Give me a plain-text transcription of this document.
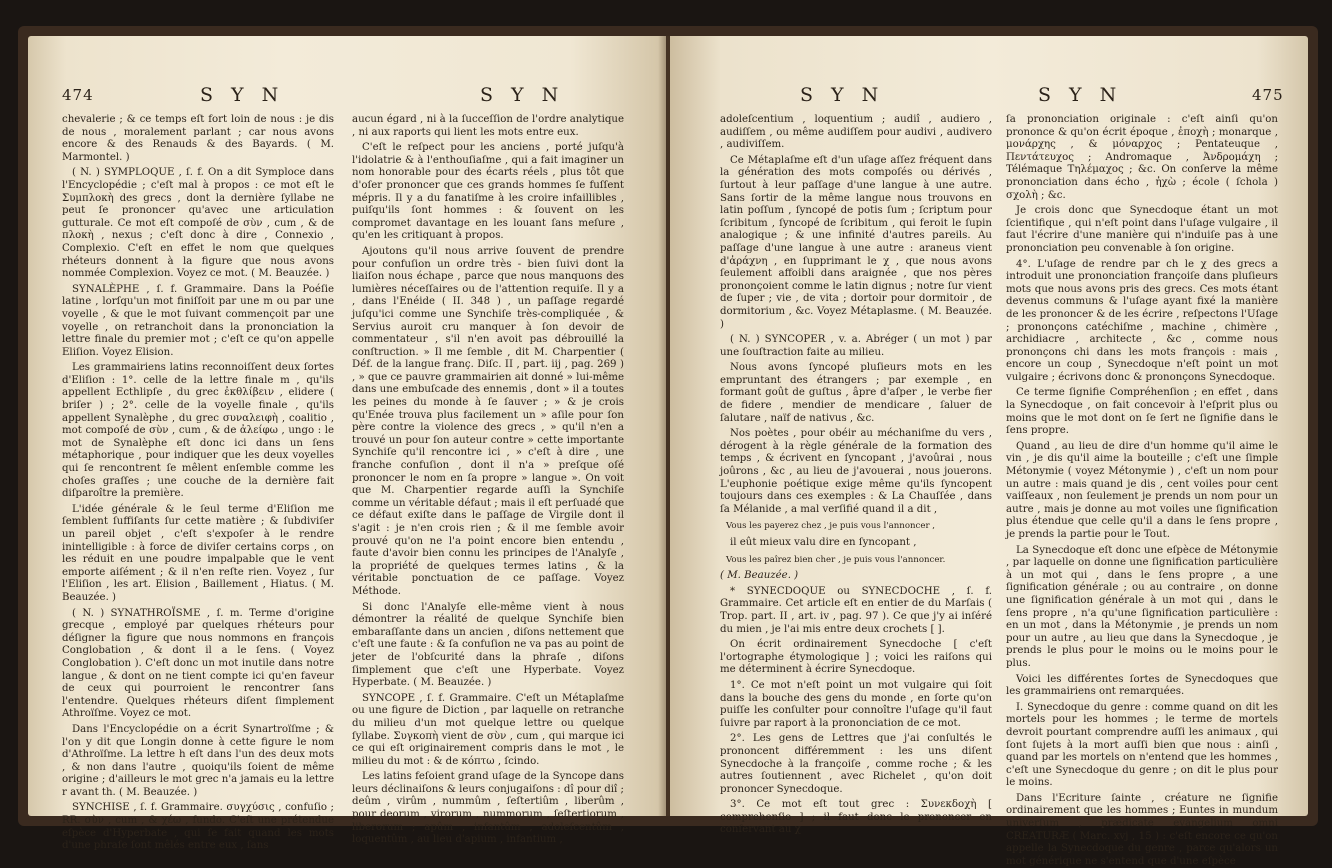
474	S Y N	S Y N

chevalerie ; & ce temps eſt fort loin de nous : je dis de nous , moralement parlant ; car nous avons encore & des Renauds & des Bayards. ( M. Marmontel. )

( N. ) SYMPLOQUE , ſ. f. On a dit Symploce dans l'Encyclopédie ; c'eſt mal à propos : ce mot eſt le Συμπλοκὴ des grecs , dont la dernière ſyllabe ne peut ſe prononcer qu'avec une articulation gutturale. Ce mot eſt compoſé de σὺν , cum , & de πλοκὴ , nexus ; c'eſt donc à dire , Connexio , Complexio. C'eſt en effet le nom que quelques rhéteurs donnent à la figure que nous avons nommée Complexion. Voyez ce mot. ( M. Beauzée. )

SYNALÈPHE , ſ. f. Grammaire. Dans la Poéſie latine , lorſqu'un mot finiſſoit par une m ou par une voyelle , & que le mot ſuivant commençoit par une voyelle , on retranchoit dans la prononciation la lettre finale du premier mot ; c'eſt ce qu'on appelle Eliſion. Voyez Elision.

Les grammairiens latins reconnoiſſent deux ſortes d'Eliſion : 1°. celle de la lettre finale m , qu'ils appellent Ecthlipſe , du grec ἐκθλίβειν , elidere ( briſer ) ; 2°. celle de la voyelle finale , qu'ils appellent Synalèphe , du grec συναλειφὴ , coalitio , mot compoſé de σὺν , cum , & de ἀλείφω , ungo : le mot de Synalèphe eſt donc ici dans un ſens métaphorique , pour indiquer que les deux voyelles qui ſe rencontrent ſe mêlent enſemble comme les choſes graſſes ; une couche de la dernière fait diſparoître la première.

L'idée générale & le ſeul terme d'Eliſion me ſemblent ſuffiſants ſur cette matière ; & ſubdiviſer un pareil objet , c'eſt s'expoſer à le rendre inintelligible : à force de diviſer certains corps , on les réduit en une poudre impalpable que le vent emporte aiſément ; & il n'en reſte rien. Voyez , ſur l'Eliſion , les art. Elision , Baillement , Hiatus. ( M. Beauzée. )

( N. ) SYNATHROÏSME , ſ. m. Terme d'origine grecque , employé par quelques rhéteurs pour déſigner la figure que nous nommons en françois Conglobation , & dont il a le ſens. ( Voyez Conglobation ). C'eſt donc un mot inutile dans notre langue , & dont on ne tient compte ici qu'en faveur de ceux qui pourroient le rencontrer ſans l'entendre. Quelques rhéteurs diſent ſimplement Athroïſme. Voyez ce mot.

Dans l'Encyclopédie on a écrit Synartroïſme ; & l'on y dit que Longin donne à cette figure le nom d'Athroïſme. La lettre h eſt dans l'un des deux mots , & non dans l'autre , quoiqu'ils ſoient de même origine ; d'ailleurs le mot grec n'a jamais eu la lettre r avant th. ( M. Beauzée. )

SYNCHISE , ſ. f. Grammaire. συγχύσις , confuſio ; RR. σὺν , cum , & χέω , fundo. C'eſt une prétendue eſpèce d'Hyperbate , qui ſe fait quand les mots d'une phraſe ſont mêlés entre eux , ſans

aucun égard , ni à la ſucceſſion de l'ordre analytique , ni aux raports qui lient les mots entre eux.

C'eſt le reſpect pour les anciens , porté juſqu'à l'idolatrie & à l'enthouſiaſme , qui a fait imaginer un nom honorable pour des écarts réels , plus tôt que d'oſer prononcer que ces grands hommes ſe fuſſent mépris. Il y a du fanatiſme à les croire infaillibles , puiſqu'ils ſont hommes : & ſouvent on les compromet davantage en les louant ſans meſure , qu'en les critiquant à propos.

Ajoutons qu'il nous arrive ſouvent de prendre pour confuſion un ordre très - bien ſuivi dont la liaiſon nous échape , parce que nous manquons des lumières néceſſaires ou de l'attention requiſe. Il y a , dans l'Enéide ( II. 348 ) , un paſſage regardé juſqu'ici comme une Synchiſe très-compliquée , & Servius auroit cru manquer à ſon devoir de commentateur , s'il n'en avoit pas débrouillé la conſtruction. » Il me ſemble , dit M. Charpentier ( Déf. de la langue franç. Diſc. II , part. iij , pag. 269 ) , » que ce pauvre grammairien ait donné » lui-même dans une embuſcade des ennemis , dont » il a toutes les peines du monde à ſe ſauver ; » & je crois qu'Enée trouva plus facilement un » aſile pour ſon père contre la violence des grecs , » qu'il n'en a trouvé un pour ſon auteur contre » cette importante Synchiſe qu'il rencontre ici , » c'eſt à dire , une franche confuſion , dont il n'a » preſque oſé prononcer le nom en ſa propre » langue ». On voit que M. Charpentier regarde auſſi la Synchiſe comme un véritable défaut ; mais il eſt perſuadé que ce défaut exiſte dans le paſſage de Virgile dont il s'agit : je n'en crois rien ; & il me ſemble avoir prouvé qu'on ne l'a point encore bien entendu , faute d'avoir bien connu les principes de l'Analyſe , la propriété de quelques termes latins , & la véritable ponctuation de ce paſſage. Voyez Méthode.

Si donc l'Analyſe elle-même vient à nous démontrer la réalité de quelque Synchiſe bien embaraſſante dans un ancien , diſons nettement que c'eſt une faute : & ſa confuſion ne va pas au point de jeter de l'obſcurité dans la phraſe , diſons ſimplement que c'eſt une Hyperbate. Voyez Hyperbate. ( M. Beauzée. )

SYNCOPE , ſ. f. Grammaire. C'eſt un Métaplaſme ou une figure de Diction , par laquelle on retranche du milieu d'un mot quelque lettre ou quelque ſyllabe. Συγκοπὴ vient de σὺν , cum , qui marque ici ce qui eſt originairement compris dans le mot , le milieu du mot : & de κόπτω , ſcindo.

Les latins feſoient grand uſage de la Syncope dans leurs déclinaiſons & leurs conjugaiſons : dî pour diî ; deûm , virûm , nummûm , ſeſtertiûm , liberûm , pour deorum , virorum , nummorum , ſeſtertiorum , liberorum ; apûm , infantûm , adoleſcentûm , loquentûm , au lieu d'apium , infantium ,

S Y N	S Y N	475

adoleſcentium , loquentium ; audiî , audiero , audiſſem , ou même audiſſem pour audivi , audivero , audiviſſem.

Ce Métaplaſme eſt d'un uſage aſſez fréquent dans la génération des mots compoſés ou dérivés , ſurtout à leur paſſage d'une langue à une autre. Sans ſortir de la même langue nous trouvons en latin poſſum , ſyncopé de potis ſum ; ſcriptum pour ſcribitum , ſyncopé de ſcribitum , qui feroit le ſupin analogique ; & une infinité d'autres pareils. Au paſſage d'une langue à une autre : araneus vient d'ἀράχνη , en ſupprimant le χ , que nous avons ſeulement affoibli dans araignée , que nos pères prononçoient comme le latin dignus ; notre ſur vient de ſuper ; vie , de vita ; dortoir pour dormitoir , de dormitorium , &c. Voyez Métaplasme. ( M. Beauzée. )

( N. ) SYNCOPER , v. a. Abréger ( un mot ) par une ſouſtraction faite au milieu.

Nous avons ſyncopé pluſieurs mots en les empruntant des étrangers ; par exemple , en formant goût de guſtus , âpre d'aſper , le verbe fier de fidere , mendier de mendicare , ſaluer de ſalutare , naïf de nativus , &c.

Nos poètes , pour obéir au méchaniſme du vers , dérogent à la règle générale de la formation des temps , & écrivent en ſyncopant , j'avoûrai , nous joûrons , &c , au lieu de j'avouerai , nous jouerons. L'euphonie poétique exige même qu'ils ſyncopent toujours dans ces exemples : & La Chauſſée , dans ſa Mélanide , a mal verſifié quand il a dit ,

Vous les payerez chez , je puis vous l'annoncer ,

il eût mieux valu dire en ſyncopant ,

Vous les paîrez bien cher , je puis vous l'annoncer.

( M. Beauzée. )

* SYNECDOQUE ou SYNECDOCHE , ſ. f. Grammaire. Cet article eſt en entier de du Marſais ( Trop. part. II , art. iv , pag. 97 ). Ce que j'y ai inſéré du mien , je l'ai mis entre deux crochets [ ].

On écrit ordinairement Synecdoche [ c'eſt l'ortographe étymologique ] ; voici les raiſons qui me déterminent à écrire Synecdoque.

1°. Ce mot n'eſt point un mot vulgaire qui ſoit dans la bouche des gens du monde , en ſorte qu'on puiſſe les conſulter pour connoître l'uſage qu'il faut ſuivre par raport à la prononciation de ce mot.

2°. Les gens de Lettres que j'ai conſultés le prononcent différemment : les uns diſent Synecdoche à la françoiſe , comme roche ; & les autres ſoutiennent , avec Richelet , qu'on doit prononcer Synecdoque.

3°. Ce mot eſt tout grec : Συνεκδοχὴ [ comprehenſio ] ; il faut donc le prononcer en conſervant au χ

ſa prononciation originale : c'eſt ainſi qu'on prononce & qu'on écrit époque , ἐποχὴ ; monarque , μονάρχης , & μόναρχος ; Pentateuque , Πεντάτευχος ; Andromaque , Ἀνδρομάχη ; Télémaque Τηλέμαχος ; &c. On conſerve la même prononciation dans écho , ἠχὼ ; école ( ſchola ) σχολὴ ; &c.

Je crois donc que Synecdoque étant un mot ſcientifique , qui n'eſt point dans l'uſage vulgaire , il faut l'écrire d'une manière qui n'induiſe pas à une prononciation peu convenable à ſon origine.

4°. L'uſage de rendre par ch le χ des grecs a introduit une prononciation françoiſe dans pluſieurs mots que nous avons pris des grecs. Ces mots étant devenus communs & l'uſage ayant fixé la manière de les prononcer & de les écrire , reſpectons l'Uſage ; prononçons catéchiſme , machine , chimère , archidiacre , architecte , &c , comme nous prononçons chi dans les mots françois : mais , encore un coup , Synecdoque n'eſt point un mot vulgaire ; écrivons donc & prononçons Synecdoque.

Ce terme ſignifie Compréhenſion ; en effet , dans la Synecdoque , on fait concevoir à l'eſprit plus ou moins que le mot dont on ſe ſert ne ſignifie dans le ſens propre.

Quand , au lieu de dire d'un homme qu'il aime le vin , je dis qu'il aime la bouteille ; c'eſt une ſimple Métonymie ( voyez Métonymie ) , c'eſt un nom pour un autre : mais quand je dis , cent voiles pour cent vaiſſeaux , non ſeulement je prends un nom pour un autre , mais je donne au mot voiles une ſignification plus étendue que celle qu'il a dans le ſens propre , je prends la partie pour le Tout.

La Synecdoque eſt donc une eſpèce de Métonymie , par laquelle on donne une ſignification particulière à un mot qui , dans le ſens propre , a une ſignification générale ; ou au contraire , on donne une ſignification générale à un mot qui , dans le ſens propre , n'a qu'une ſignification particulière : en un mot , dans la Métonymie , je prends un nom pour un autre , au lieu que dans la Synecdoque , je prends le plus pour le moins ou le moins pour le plus.

Voici les différentes ſortes de Synecdoques que les grammairiens ont remarquées.

I. Synecdoque du genre : comme quand on dit les mortels pour les hommes ; le terme de mortels devroit pourtant comprendre auſſi les animaux , qui ſont ſujets à la mort auſſi bien que nous : ainſi , quand par les mortels on n'entend que les hommes , c'eſt une Synecdoque du genre ; on dit le plus pour le moins.

Dans l'Ecriture ſainte , créature ne ſignifie ordinairement que les hommes ; Euntes in mundum univerſum , prædicate evangelium omni CREATURÆ ( Marc. xvj , 15 ) : c'eſt encore ce qu'on appelle la Synecdoque du genre , parce qu'alors un mot générique ne s'entend que d'une eſpèce
